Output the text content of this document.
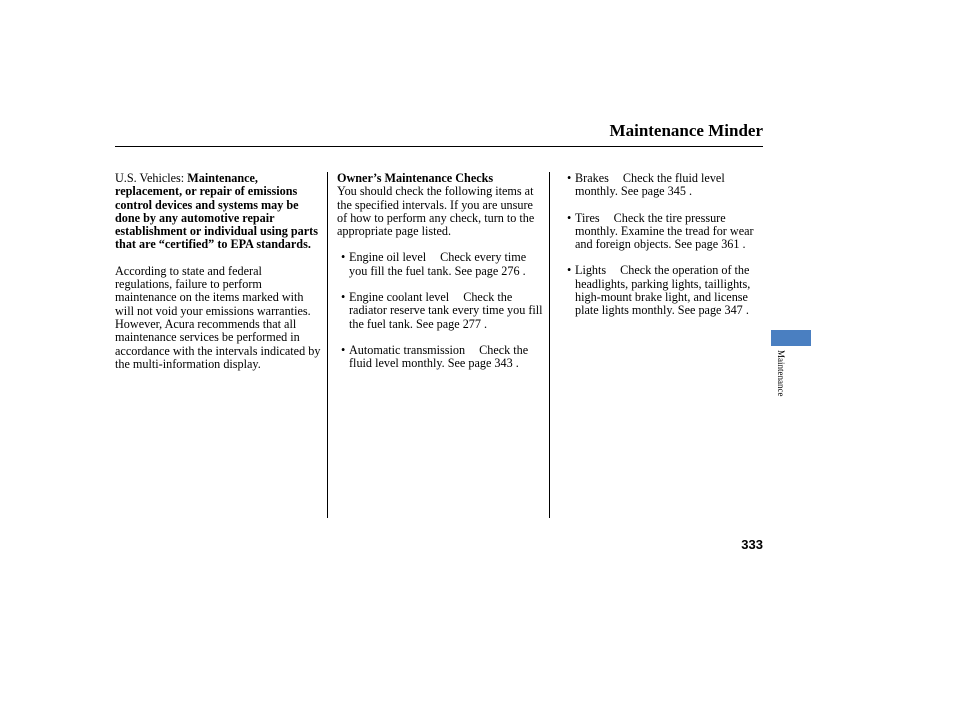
Maintenance Minder

U.S. Vehicles: Maintenance, replacement, or repair of emissions control devices and systems may be done by any automotive repair establishment or individual using parts that are “certified” to EPA standards.

According to state and federal regulations, failure to perform maintenance on the items marked withwill not void your emissions warranties. However, Acura recommends that all maintenance services be performed in accordance with the intervals indicated by the multi-information display.

Owner’s Maintenance Checks

You should check the following items at the specified intervals. If you are unsure of how to perform any check, turn to the appropriate page listed.

• Engine oil level Check every time you fill the fuel tank. See page 276 .

• Engine coolant level Check the radiator reserve tank every time you fill the fuel tank. See page 277 .

• Automatic transmission Check the fluid level monthly. See page 343 .

• Brakes Check the fluid level monthly. See page 345 .

• Tires Check the tire pressure monthly. Examine the tread for wear and foreign objects. See page 361 .

• Lights Check the operation of the headlights, parking lights, taillights, high-mount brake light, and license plate lights monthly. See page 347 .

Maintenance
333
